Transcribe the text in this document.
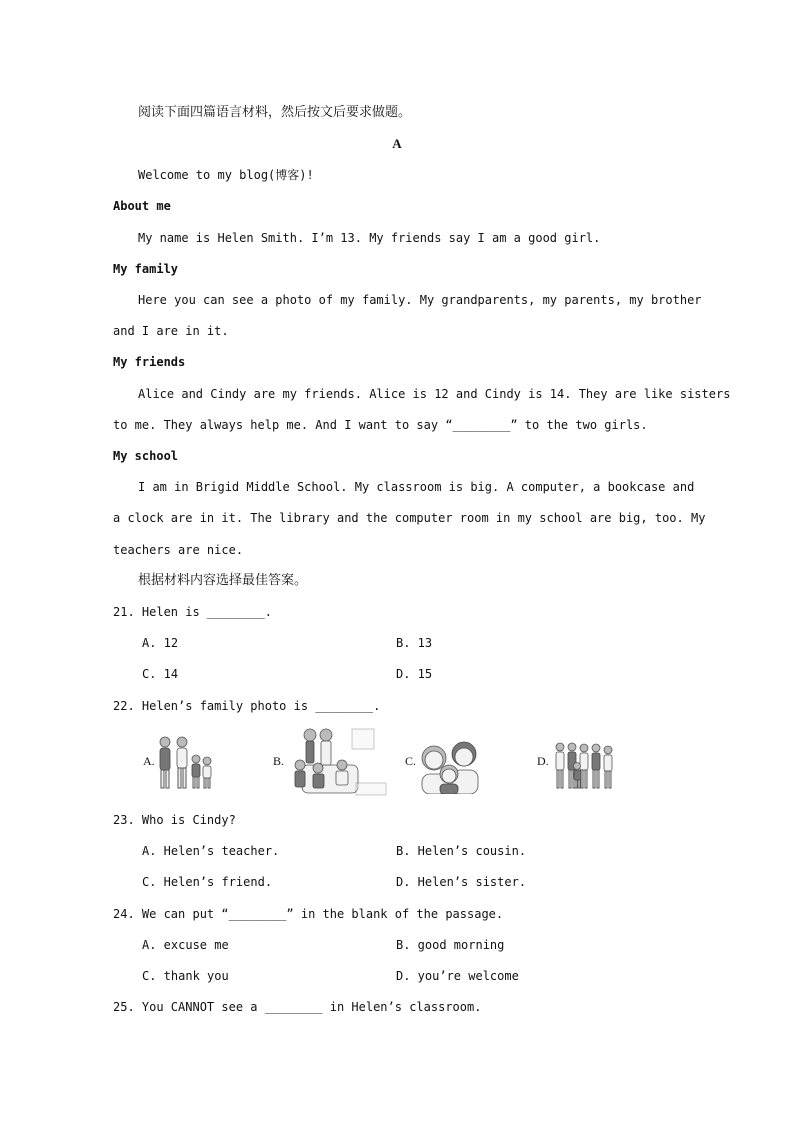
阅读下面四篇语言材料，然后按文后要求做题。
A
Welcome to my blog(博客)!
About me
My name is Helen Smith. I’m 13. My friends say I am a good girl.
My family
Here you can see a photo of my family. My grandparents, my parents, my brother
and I are in it.
My friends
Alice and Cindy are my friends. Alice is 12 and Cindy is 14. They are like sisters
to me. They always help me. And I want to say “________” to the two girls.
My school
I am in Brigid Middle School. My classroom is big. A computer, a bookcase and
a clock are in it. The library and the computer room in my school are big, too. My
teachers are nice.
根据材料内容选择最佳答案。
21. Helen is ________.
A. 12	B. 13
C. 14	D. 15
22. Helen’s family photo is ________.
A.	B.	C.	D.
23. Who is Cindy?
A. Helen’s teacher.	B. Helen’s cousin.
C. Helen’s friend.	D. Helen’s sister.
24. We can put “________” in the blank of the passage.
A. excuse me	B. good morning
C. thank you	D. you’re welcome
25. You CANNOT see a ________ in Helen’s classroom.
